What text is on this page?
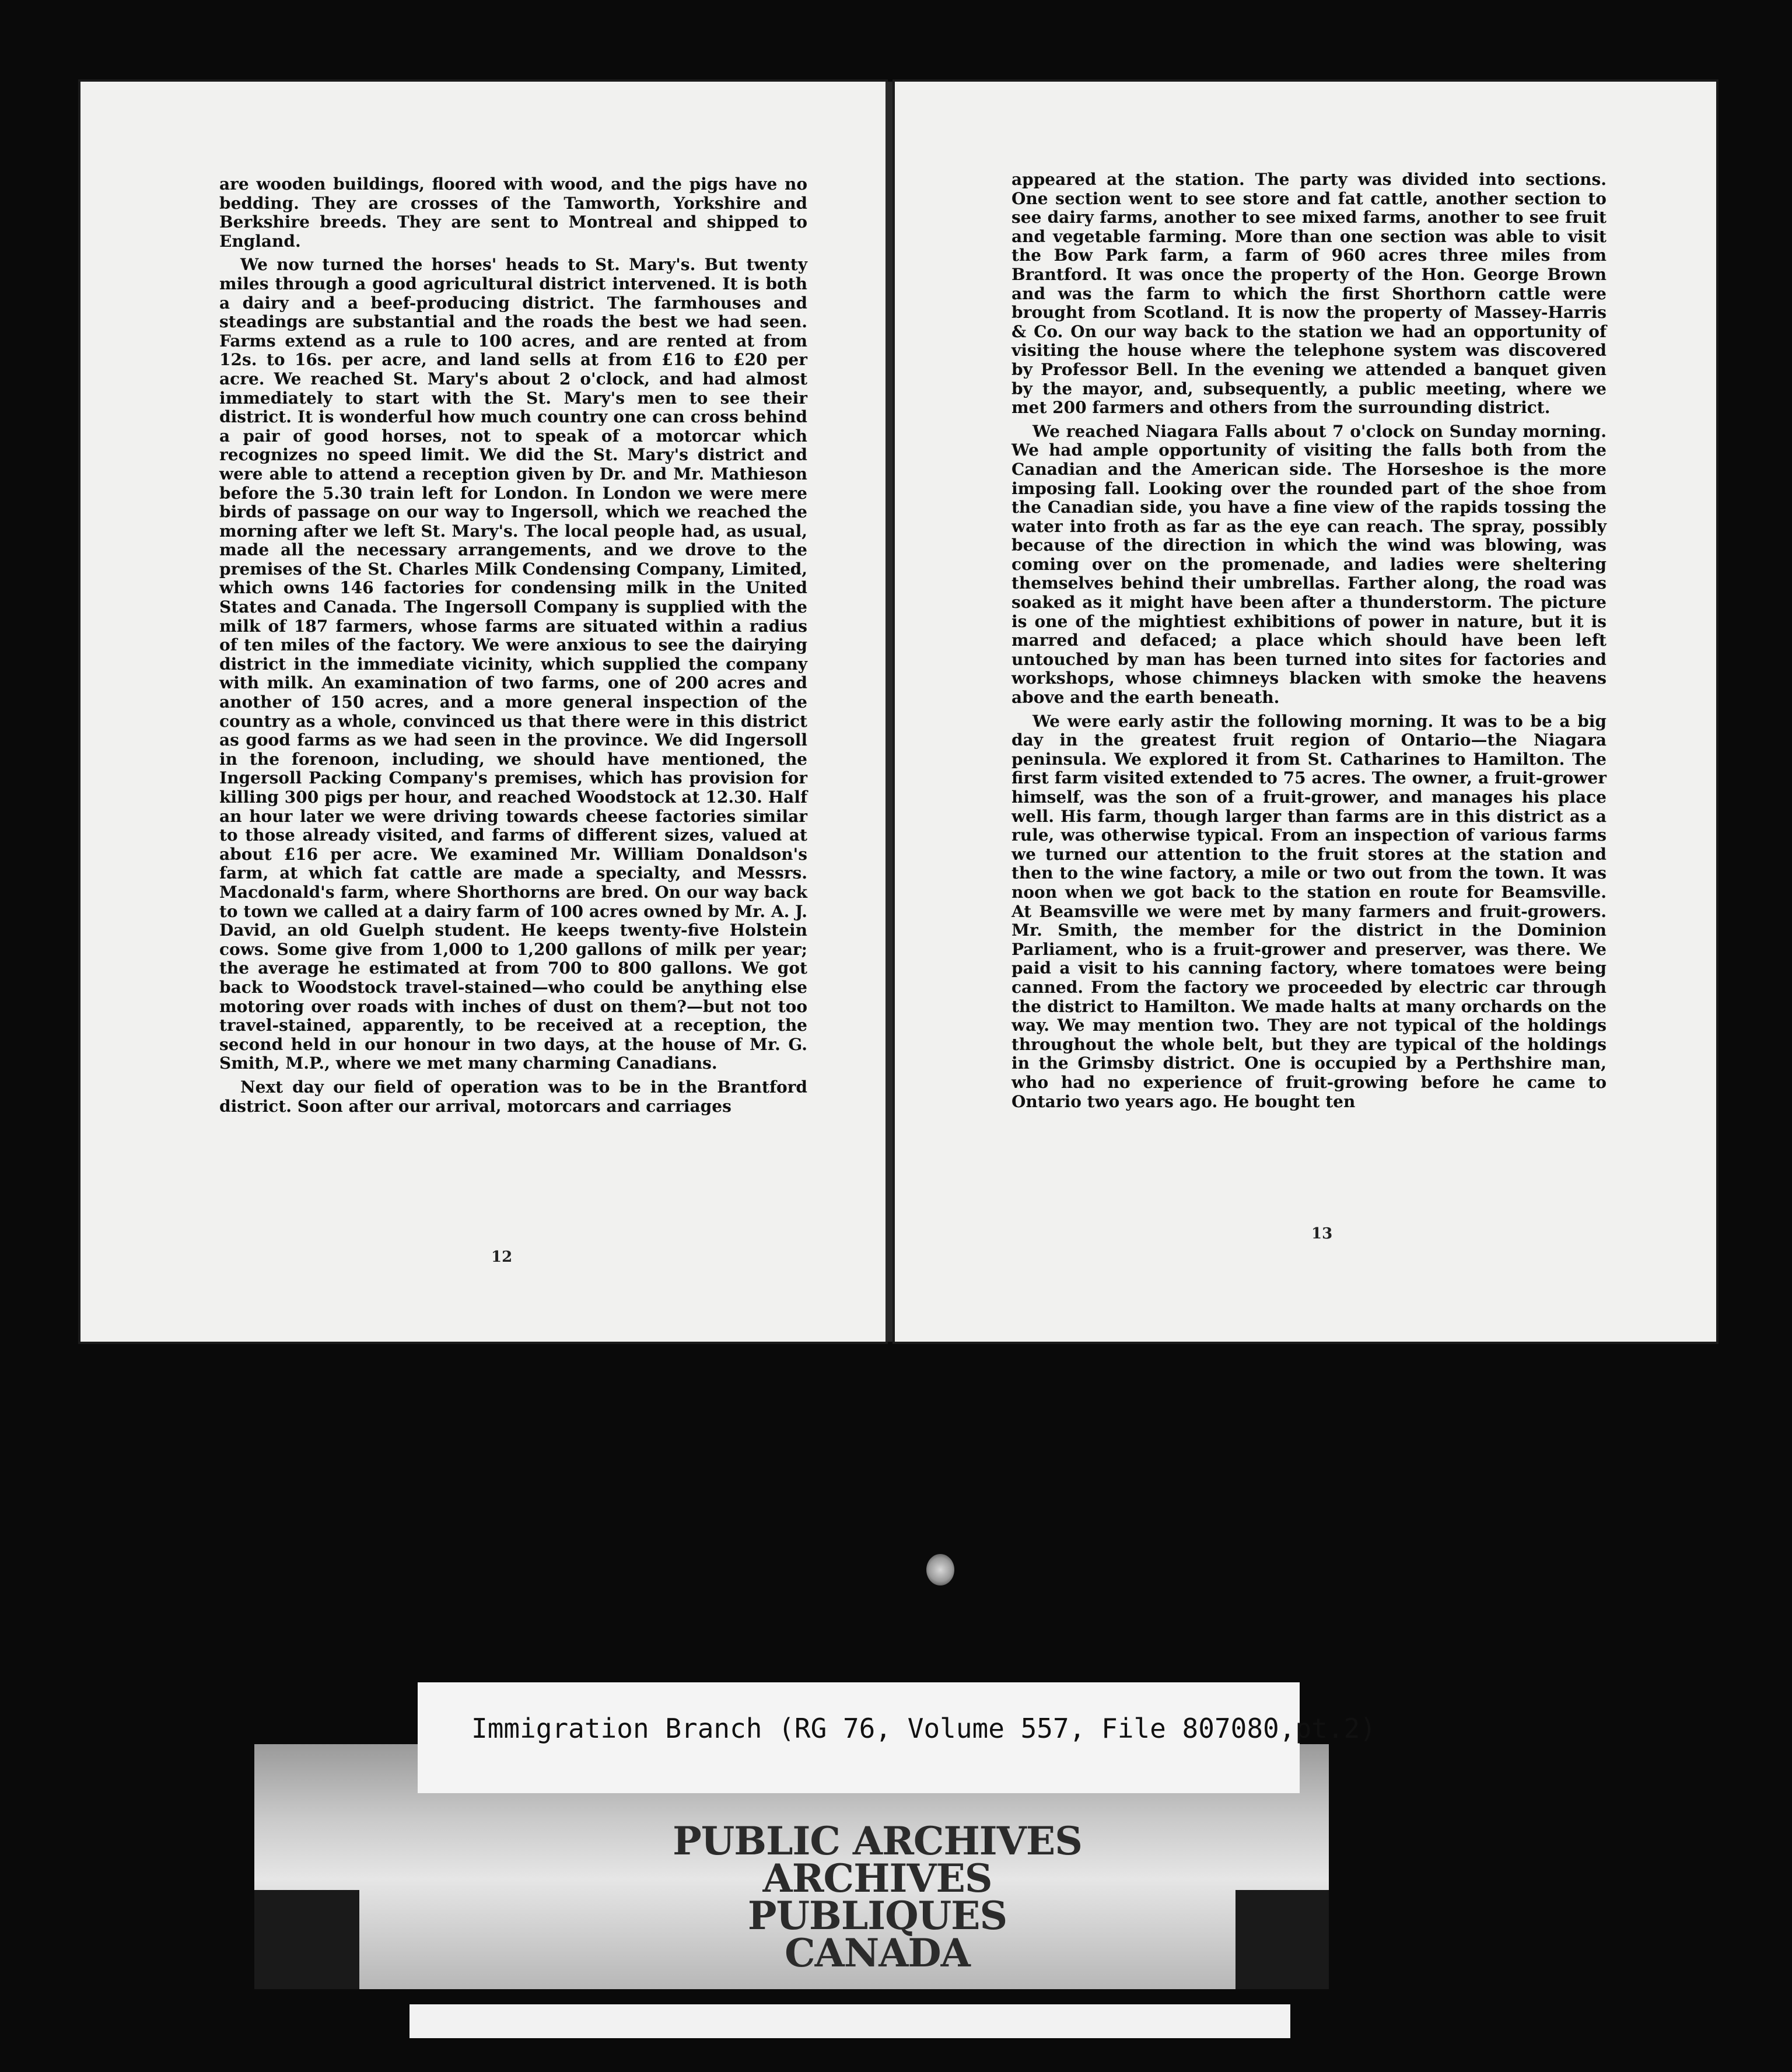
are wooden buildings, floored with wood, and the pigs have no bedding. They are crosses of the Tamworth, Yorkshire and Berkshire breeds. They are sent to Montreal and shipped to England.

We now turned the horses' heads to St. Mary's. But twenty miles through a good agricultural district intervened. It is both a dairy and a beef-producing district. The farmhouses and steadings are substantial and the roads the best we had seen. Farms extend as a rule to 100 acres, and are rented at from 12s. to 16s. per acre, and land sells at from £16 to £20 per acre. We reached St. Mary's about 2 o'clock, and had almost immediately to start with the St. Mary's men to see their district. It is wonderful how much country one can cross behind a pair of good horses, not to speak of a motorcar which recognizes no speed limit. We did the St. Mary's district and were able to attend a reception given by Dr. and Mr. Mathieson before the 5.30 train left for London. In London we were mere birds of passage on our way to Ingersoll, which we reached the morning after we left St. Mary's. The local people had, as usual, made all the necessary arrangements, and we drove to the premises of the St. Charles Milk Condensing Company, Limited, which owns 146 factories for condensing milk in the United States and Canada. The Ingersoll Company is supplied with the milk of 187 farmers, whose farms are situated within a radius of ten miles of the factory. We were anxious to see the dairying district in the immediate vicinity, which supplied the company with milk. An examination of two farms, one of 200 acres and another of 150 acres, and a more general inspection of the country as a whole, convinced us that there were in this district as good farms as we had seen in the province. We did Ingersoll in the forenoon, including, we should have mentioned, the Ingersoll Packing Company's premises, which has provision for killing 300 pigs per hour, and reached Woodstock at 12.30. Half an hour later we were driving towards cheese factories similar to those already visited, and farms of different sizes, valued at about £16 per acre. We examined Mr. William Donaldson's farm, at which fat cattle are made a specialty, and Messrs. Macdonald's farm, where Shorthorns are bred. On our way back to town we called at a dairy farm of 100 acres owned by Mr. A. J. David, an old Guelph student. He keeps twenty-five Holstein cows. Some give from 1,000 to 1,200 gallons of milk per year; the average he estimated at from 700 to 800 gallons. We got back to Woodstock travel-stained—who could be anything else motoring over roads with inches of dust on them?—but not too travel-stained, apparently, to be received at a reception, the second held in our honour in two days, at the house of Mr. G. Smith, M.P., where we met many charming Canadians.

Next day our field of operation was to be in the Brantford district. Soon after our arrival, motorcars and carriages

12

appeared at the station. The party was divided into sections. One section went to see store and fat cattle, another section to see dairy farms, another to see mixed farms, another to see fruit and vegetable farming. More than one section was able to visit the Bow Park farm, a farm of 960 acres three miles from Brantford. It was once the property of the Hon. George Brown and was the farm to which the first Shorthorn cattle were brought from Scotland. It is now the property of Massey-Harris & Co. On our way back to the station we had an opportunity of visiting the house where the telephone system was discovered by Professor Bell. In the evening we attended a banquet given by the mayor, and, subsequently, a public meeting, where we met 200 farmers and others from the surrounding district.

We reached Niagara Falls about 7 o'clock on Sunday morning. We had ample opportunity of visiting the falls both from the Canadian and the American side. The Horseshoe is the more imposing fall. Looking over the rounded part of the shoe from the Canadian side, you have a fine view of the rapids tossing the water into froth as far as the eye can reach. The spray, possibly because of the direction in which the wind was blowing, was coming over on the promenade, and ladies were sheltering themselves behind their umbrellas. Farther along, the road was soaked as it might have been after a thunderstorm. The picture is one of the mightiest exhibitions of power in nature, but it is marred and defaced; a place which should have been left untouched by man has been turned into sites for factories and workshops, whose chimneys blacken with smoke the heavens above and the earth beneath.

We were early astir the following morning. It was to be a big day in the greatest fruit region of Ontario—the Niagara peninsula. We explored it from St. Catharines to Hamilton. The first farm visited extended to 75 acres. The owner, a fruit-grower himself, was the son of a fruit-grower, and manages his place well. His farm, though larger than farms are in this district as a rule, was otherwise typical. From an inspection of various farms we turned our attention to the fruit stores at the station and then to the wine factory, a mile or two out from the town. It was noon when we got back to the station en route for Beamsville. At Beamsville we were met by many farmers and fruit-growers. Mr. Smith, the member for the district in the Dominion Parliament, who is a fruit-grower and preserver, was there. We paid a visit to his canning factory, where tomatoes were being canned. From the factory we proceeded by electric car through the district to Hamilton. We made halts at many orchards on the way. We may mention two. They are not typical of the holdings throughout the whole belt, but they are typical of the holdings in the Grimsby district. One is occupied by a Perthshire man, who had no experience of fruit-growing before he came to Ontario two years ago. He bought ten

13
Immigration Branch (RG 76, Volume 557, File 807080,pt.2)
PUBLIC ARCHIVES
ARCHIVES PUBLIQUES
CANADA
